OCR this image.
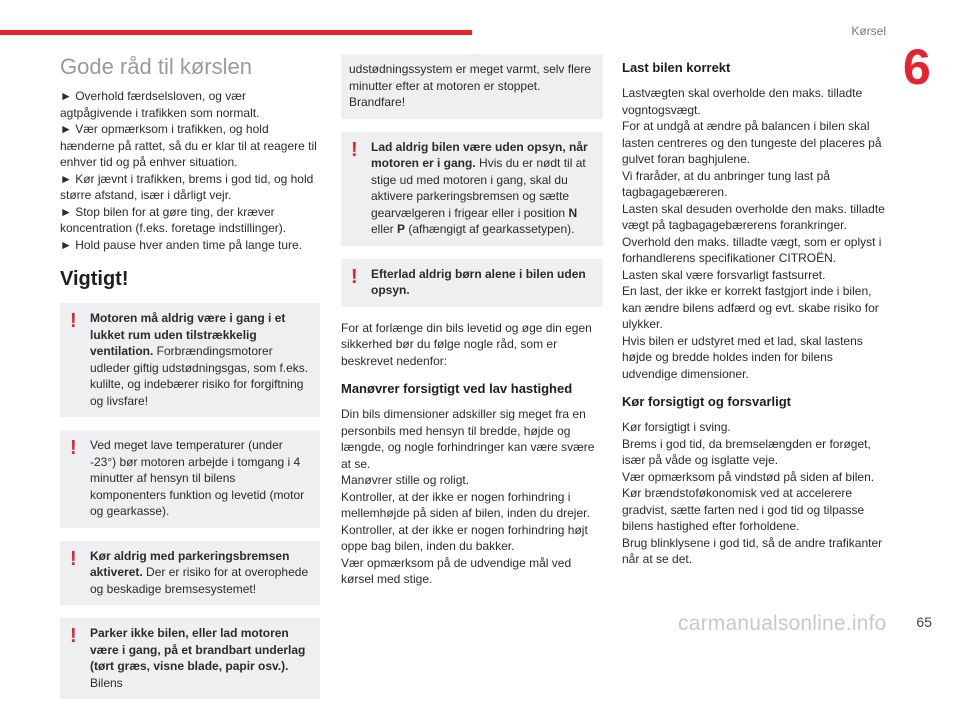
Kørsel
6
Gode råd til kørslen
► Overhold færdselsloven, og vær agtpågivende i trafikken som normalt.
► Vær opmærksom i trafikken, og hold hænderne på rattet, så du er klar til at reagere til enhver tid og på enhver situation.
► Kør jævnt i trafikken, brems i god tid, og hold større afstand, især i dårligt vejr.
► Stop bilen for at gøre ting, der kræver koncentration (f.eks. foretage indstillinger).
► Hold pause hver anden time på lange ture.
Vigtigt!
!	Motoren må aldrig være i gang i et lukket rum uden tilstrækkelig ventilation. Forbrændingsmotorer udleder giftig udstødningsgas, som f.eks. kulilte, og indebærer risiko for forgiftning og livsfare!
!	Ved meget lave temperaturer (under -23°) bør motoren arbejde i tomgang i 4 minutter af hensyn til bilens komponenters funktion og levetid (motor og gearkasse).
!	Kør aldrig med parkeringsbremsen aktiveret. Der er risiko for at overophede og beskadige bremsesystemet!
!	Parker ikke bilen, eller lad motoren være i gang, på et brandbart underlag (tørt græs, visne blade, papir osv.). Bilens
udstødningssystem er meget varmt, selv flere minutter efter at motoren er stoppet. Brandfare!
!	Lad aldrig bilen være uden opsyn, når motoren er i gang. Hvis du er nødt til at stige ud med motoren i gang, skal du aktivere parkeringsbremsen og sætte gearvælgeren i frigear eller i position N eller P (afhængigt af gearkassetypen).
!	Efterlad aldrig børn alene i bilen uden opsyn.
For at forlænge din bils levetid og øge din egen sikkerhed bør du følge nogle råd, som er beskrevet nedenfor:
Manøvrer forsigtigt ved lav hastighed
Din bils dimensioner adskiller sig meget fra en personbils med hensyn til bredde, højde og længde, og nogle forhindringer kan være svære at se.
Manøvrer stille og roligt.
Kontroller, at der ikke er nogen forhindring i mellemhøjde på siden af bilen, inden du drejer.
Kontroller, at der ikke er nogen forhindring højt oppe bag bilen, inden du bakker.
Vær opmærksom på de udvendige mål ved kørsel med stige.
Last bilen korrekt
Lastvægten skal overholde den maks. tilladte vogntogsvægt.
For at undgå at ændre på balancen i bilen skal lasten centreres og den tungeste del placeres på gulvet foran baghjulene.
Vi fraråder, at du anbringer tung last på tagbagagebæreren.
Lasten skal desuden overholde den maks. tilladte vægt på tagbagagebærerens forankringer. Overhold den maks. tilladte vægt, som er oplyst i forhandlerens specifikationer CITROËN.
Lasten skal være forsvarligt fastsurret.
En last, der ikke er korrekt fastgjort inde i bilen, kan ændre bilens adfærd og evt. skabe risiko for ulykker.
Hvis bilen er udstyret med et lad, skal lastens højde og bredde holdes inden for bilens udvendige dimensioner.
Kør forsigtigt og forsvarligt
Kør forsigtigt i sving.
Brems i god tid, da bremselængden er forøget, især på våde og isglatte veje.
Vær opmærksom på vindstød på siden af bilen.
Kør brændstoføkonomisk ved at accelerere gradvist, sætte farten ned i god tid og tilpasse bilens hastighed efter forholdene.
Brug blinklysene i god tid, så de andre trafikanter når at se det.
carmanualsonline.info 65
